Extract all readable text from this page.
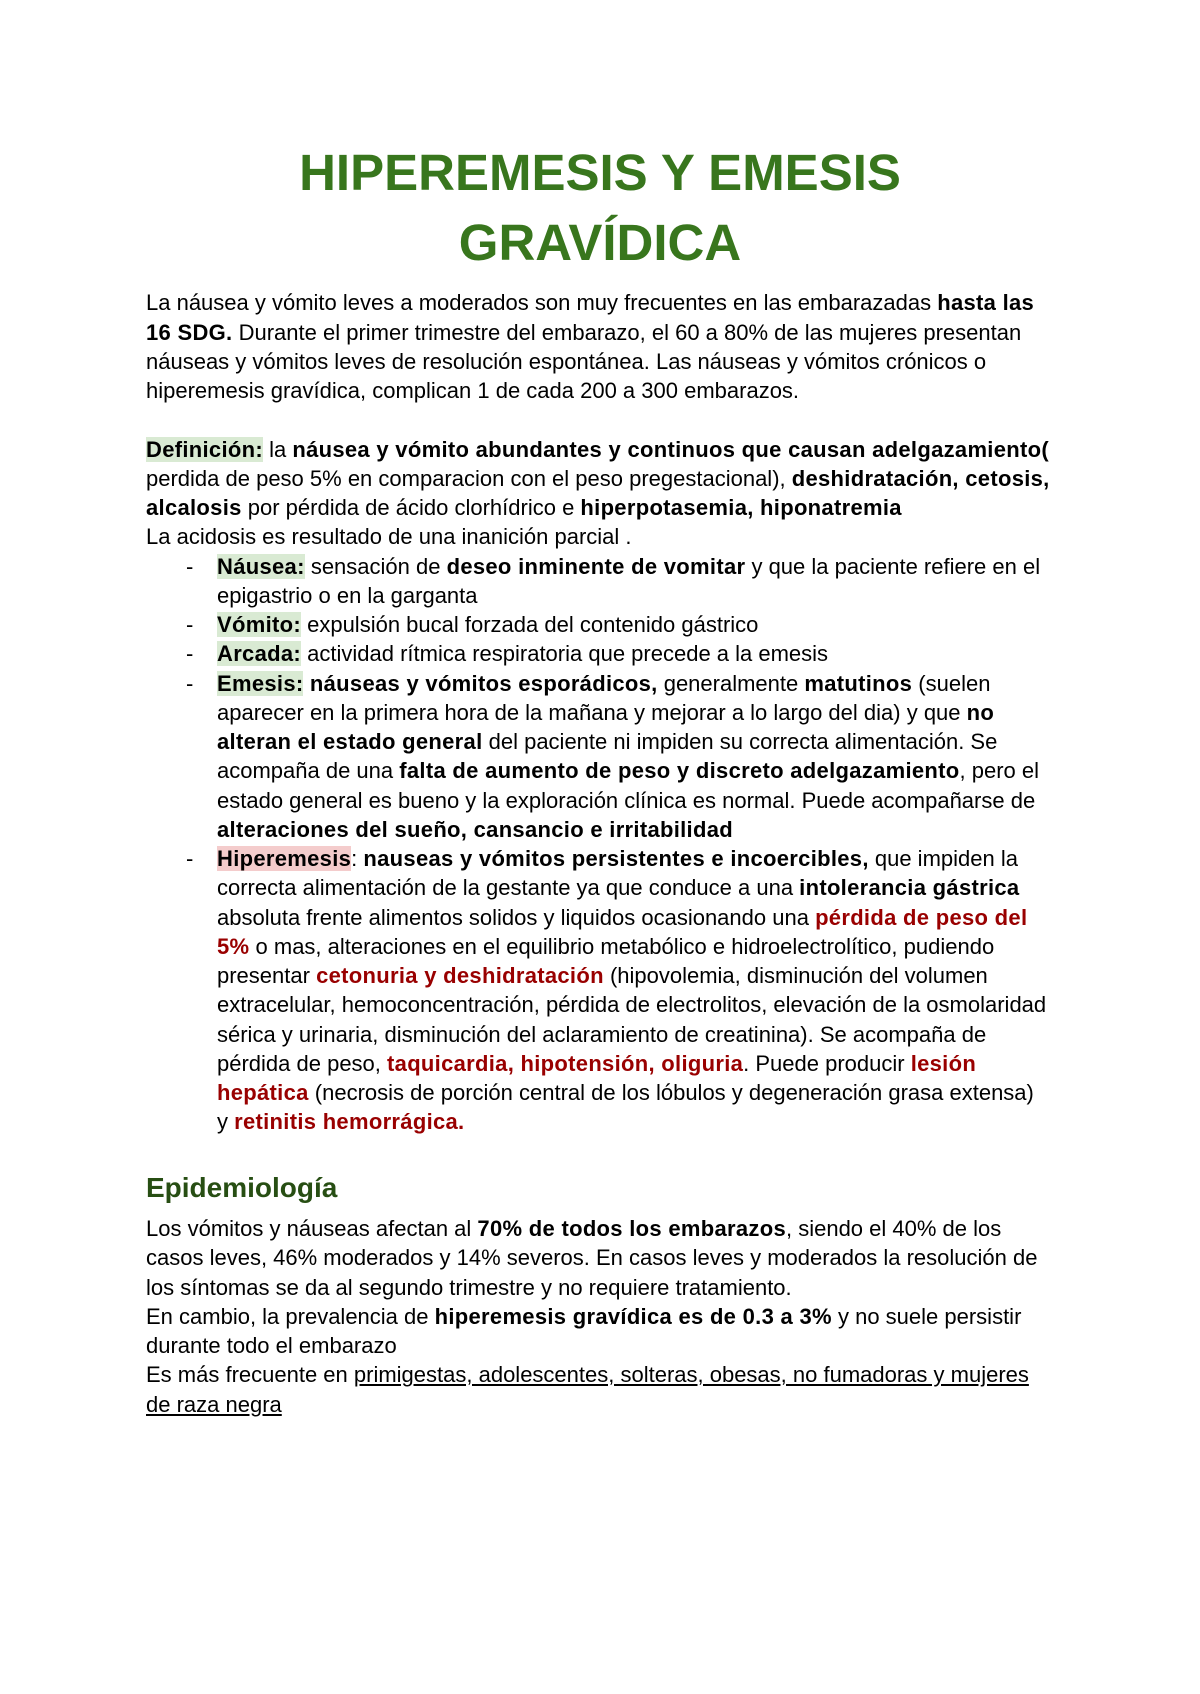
HIPEREMESIS Y EMESIS
GRAVÍDICA
La náusea y vómito leves a moderados son muy frecuentes en las embarazadas hasta las
16 SDG. Durante el primer trimestre del embarazo, el 60 a 80% de las mujeres presentan
náuseas y vómitos leves de resolución espontánea. Las náuseas y vómitos crónicos o
hiperemesis gravídica, complican 1 de cada 200 a 300 embarazos.
Definición: la náusea y vómito abundantes y continuos que causan adelgazamiento(
perdida de peso 5% en comparacion con el peso pregestacional), deshidratación, cetosis,
alcalosis por pérdida de ácido clorhídrico e hiperpotasemia, hiponatremia
La acidosis es resultado de una inanición parcial .
- Náusea: sensación de deseo inminente de vomitar y que la paciente refiere en el
epigastrio o en la garganta
- Vómito: expulsión bucal forzada del contenido gástrico
- Arcada: actividad rítmica respiratoria que precede a la emesis
- Emesis: náuseas y vómitos esporádicos, generalmente matutinos (suelen
aparecer en la primera hora de la mañana y mejorar a lo largo del dia) y que no
alteran el estado general del paciente ni impiden su correcta alimentación. Se
acompaña de una falta de aumento de peso y discreto adelgazamiento, pero el
estado general es bueno y la exploración clínica es normal. Puede acompañarse de
alteraciones del sueño, cansancio e irritabilidad
- Hiperemesis: nauseas y vómitos persistentes e incoercibles, que impiden la
correcta alimentación de la gestante ya que conduce a una intolerancia gástrica
absoluta frente alimentos solidos y liquidos ocasionando una pérdida de peso del
5% o mas, alteraciones en el equilibrio metabólico e hidroelectrolítico, pudiendo
presentar cetonuria y deshidratación (hipovolemia, disminución del volumen
extracelular, hemoconcentración, pérdida de electrolitos, elevación de la osmolaridad
sérica y urinaria, disminución del aclaramiento de creatinina). Se acompaña de
pérdida de peso, taquicardia, hipotensión, oliguria. Puede producir lesión
hepática (necrosis de porción central de los lóbulos y degeneración grasa extensa)
y retinitis hemorrágica.
Epidemiología
Los vómitos y náuseas afectan al 70% de todos los embarazos, siendo el 40% de los
casos leves, 46% moderados y 14% severos. En casos leves y moderados la resolución de
los síntomas se da al segundo trimestre y no requiere tratamiento.
En cambio, la prevalencia de hiperemesis gravídica es de 0.3 a 3% y no suele persistir
durante todo el embarazo
Es más frecuente en primigestas, adolescentes, solteras, obesas, no fumadoras y mujeres
de raza negra
